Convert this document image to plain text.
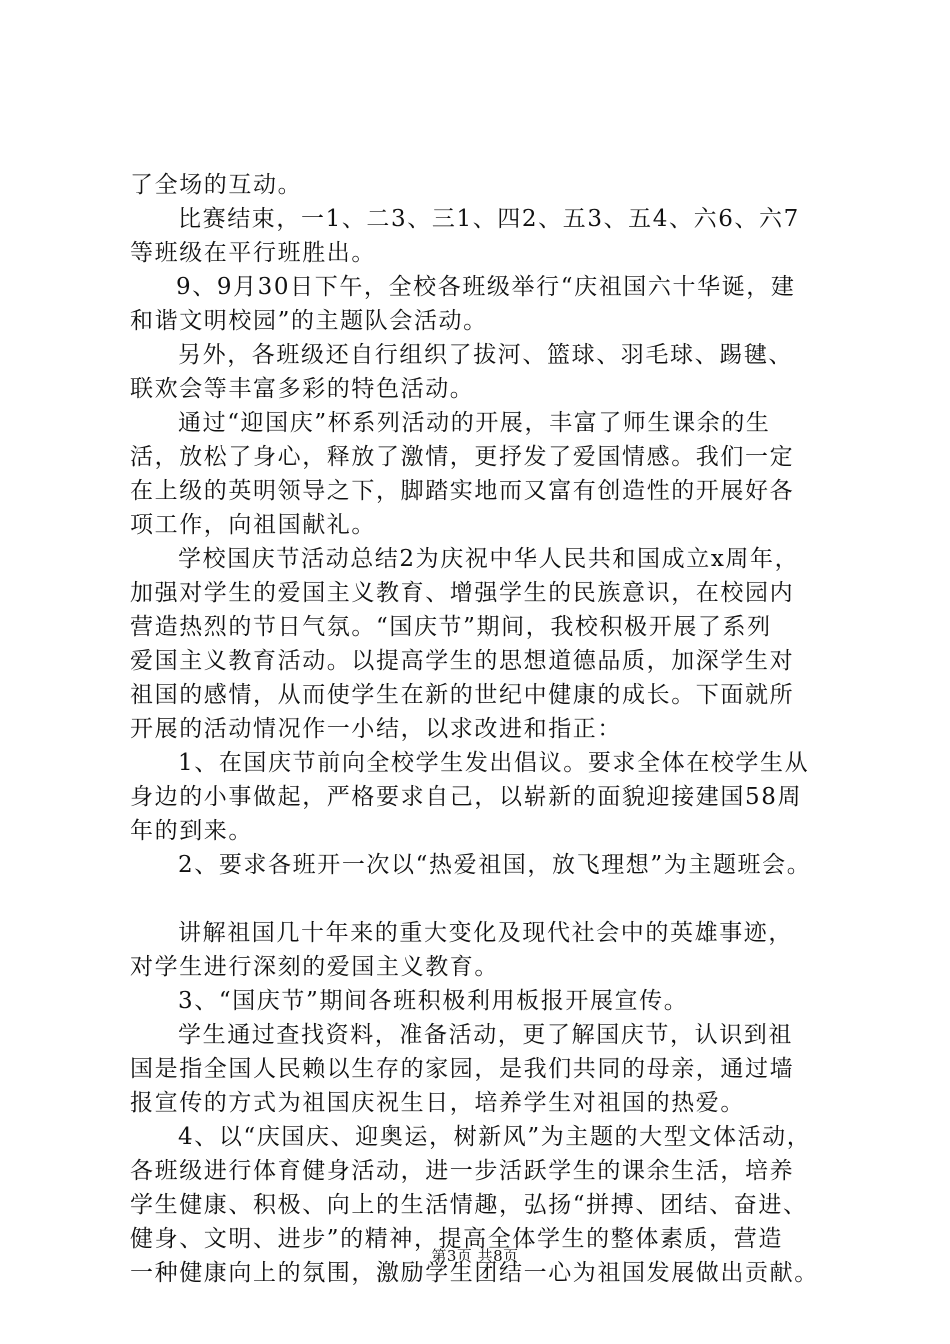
了全场的互动。
比赛结束，一1、二3、三1、四2、五3、五4、六6、六7
等班级在平行班胜出。
9、9月30日下午，全校各班级举行“庆祖国六十华诞，建
和谐文明校园”的主题队会活动。
另外，各班级还自行组织了拔河、篮球、羽毛球、踢毽、
联欢会等丰富多彩的特色活动。
通过“迎国庆”杯系列活动的开展，丰富了师生课余的生
活，放松了身心，释放了激情，更抒发了爱国情感。我们一定
在上级的英明领导之下，脚踏实地而又富有创造性的开展好各
项工作，向祖国献礼。
学校国庆节活动总结2为庆祝中华人民共和国成立x周年，
加强对学生的爱国主义教育、增强学生的民族意识，在校园内
营造热烈的节日气氛。“国庆节”期间，我校积极开展了系列
爱国主义教育活动。以提高学生的思想道德品质，加深学生对
祖国的感情，从而使学生在新的世纪中健康的成长。下面就所
开展的活动情况作一小结，以求改进和指正：
1、在国庆节前向全校学生发出倡议。要求全体在校学生从
身边的小事做起，严格要求自己，以崭新的面貌迎接建国58周
年的到来。
2、要求各班开一次以“热爱祖国，放飞理想”为主题班会。
讲解祖国几十年来的重大变化及现代社会中的英雄事迹，
对学生进行深刻的爱国主义教育。
3、“国庆节”期间各班积极利用板报开展宣传。
学生通过查找资料，准备活动，更了解国庆节，认识到祖
国是指全国人民赖以生存的家园，是我们共同的母亲，通过墙
报宣传的方式为祖国庆祝生日，培养学生对祖国的热爱。
4、以“庆国庆、迎奥运，树新风”为主题的大型文体活动，
各班级进行体育健身活动，进一步活跃学生的课余生活，培养
学生健康、积极、向上的生活情趣，弘扬“拼搏、团结、奋进、
健身、文明、进步”的精神，提高全体学生的整体素质，营造
一种健康向上的氛围，激励学生团结一心为祖国发展做出贡献。
第3页 共8页
